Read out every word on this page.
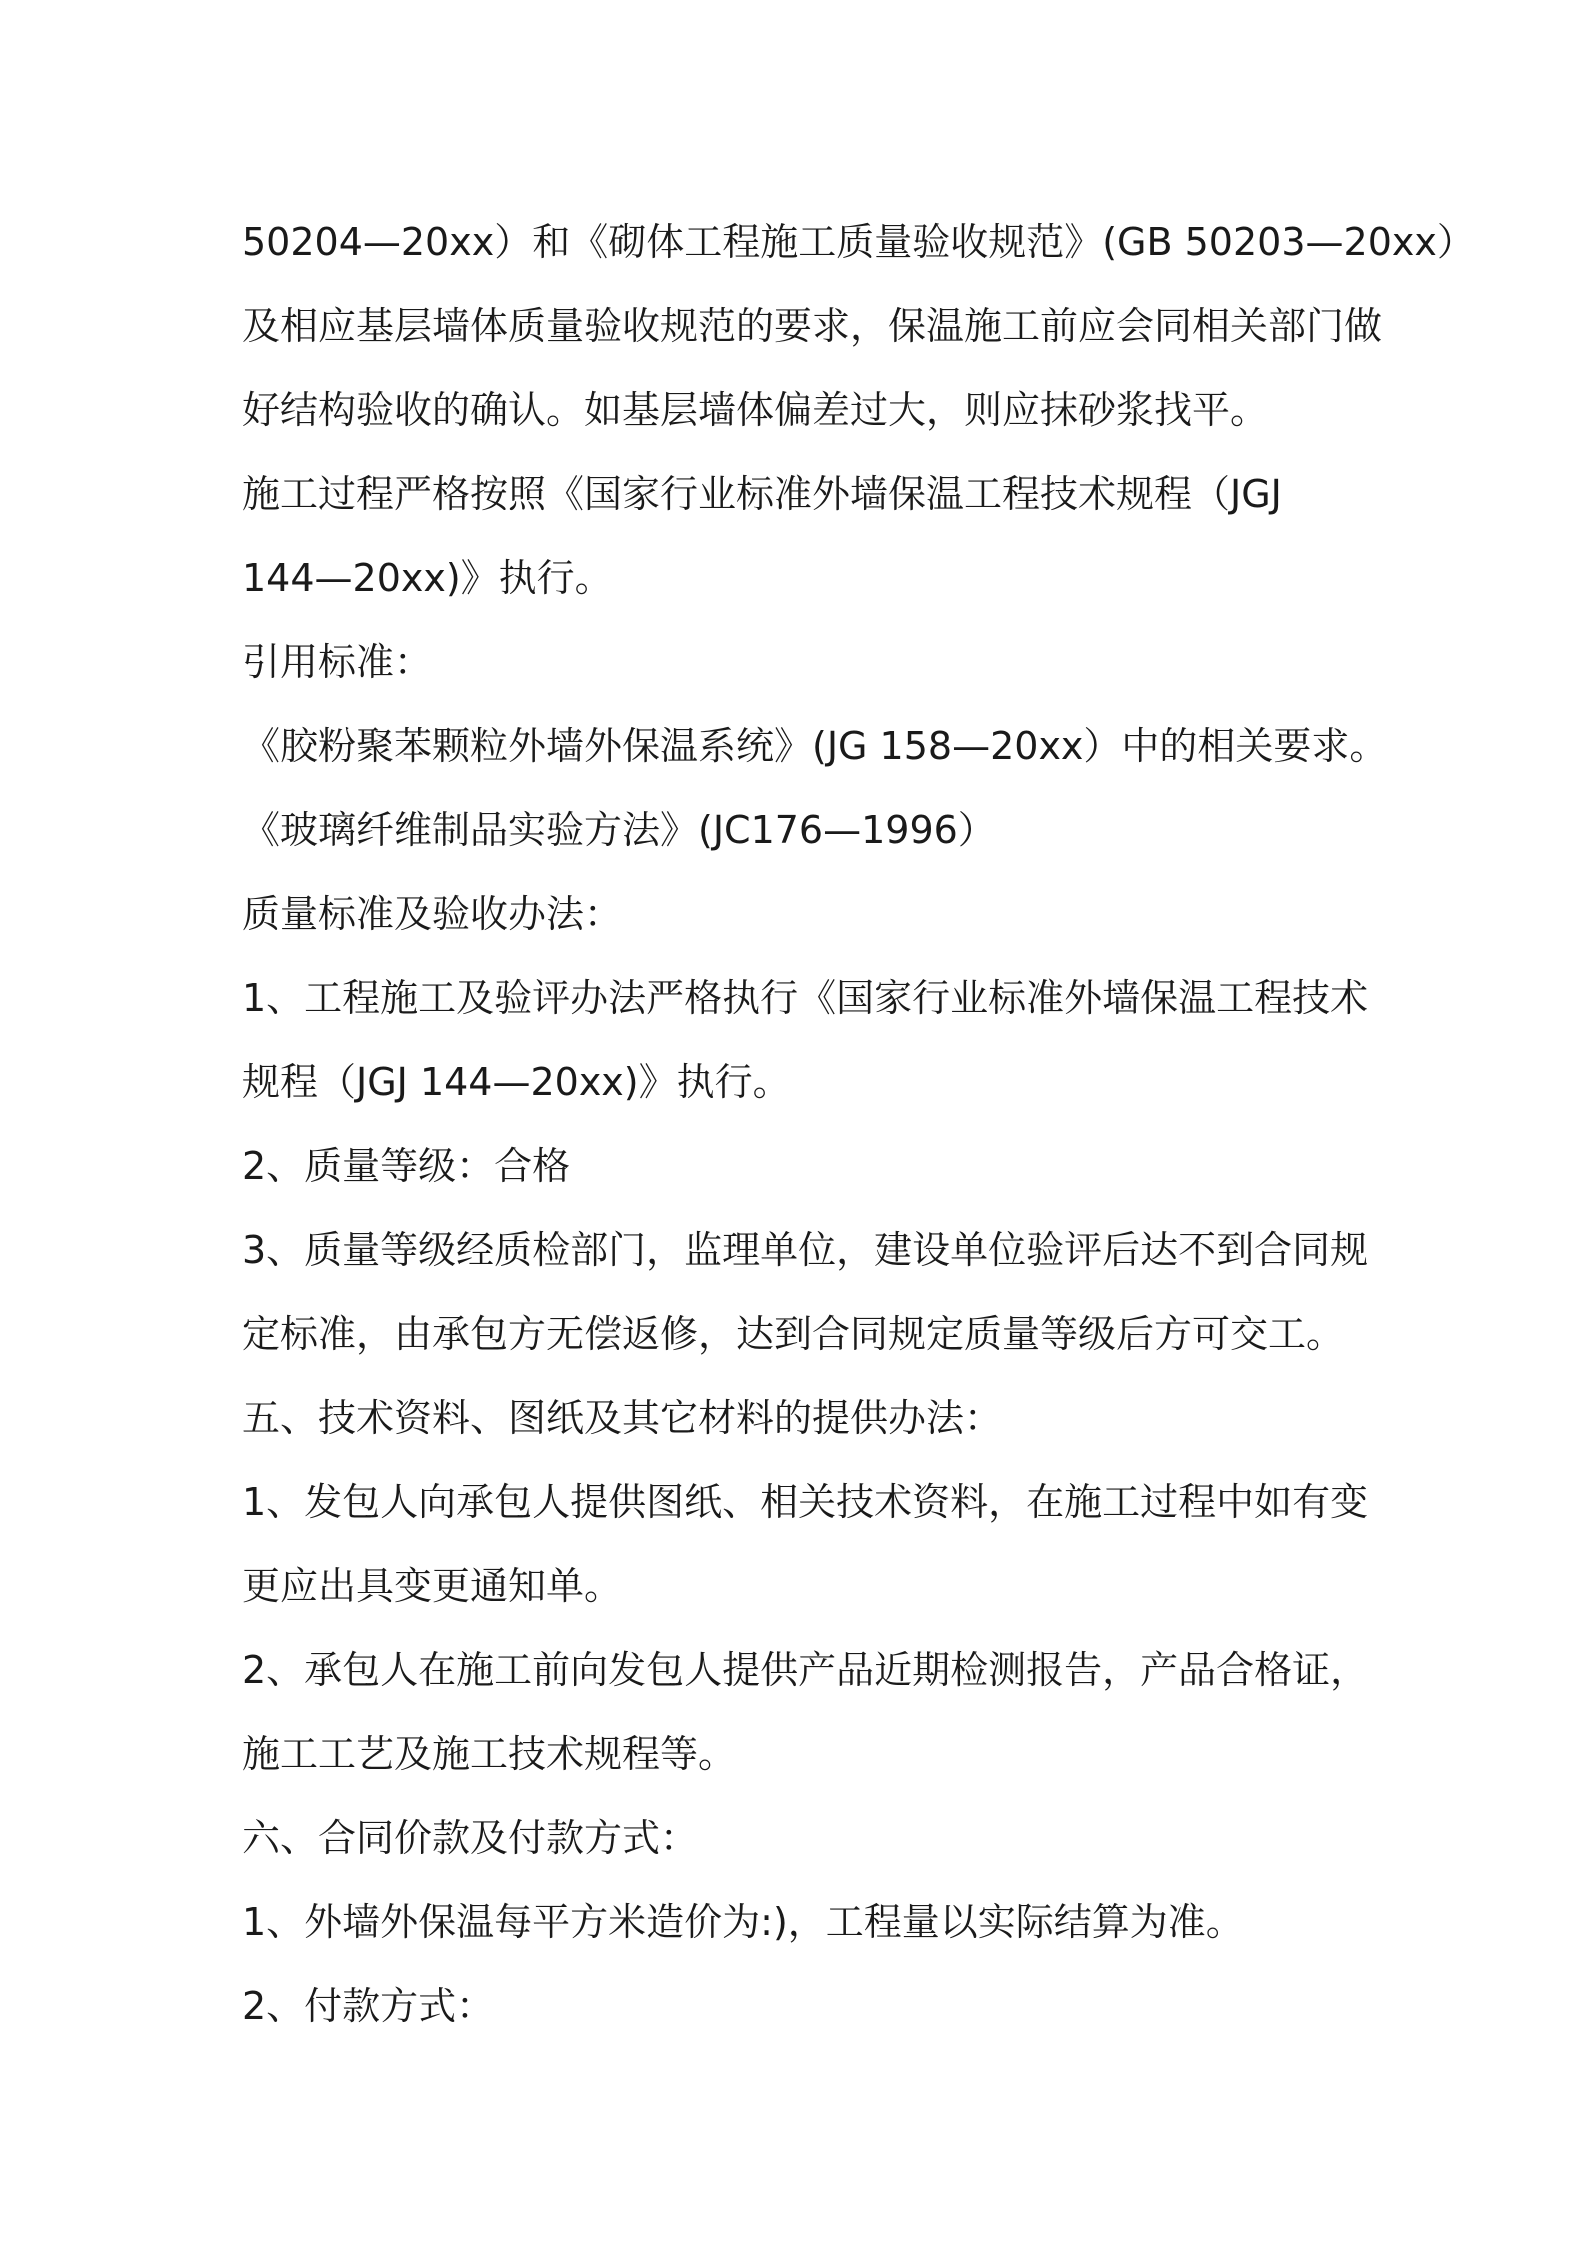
50204—20xx）和《砌体工程施工质量验收规范》(GB 50203—20xx）
及相应基层墙体质量验收规范的要求，保温施工前应会同相关部门做
好结构验收的确认。如基层墙体偏差过大，则应抹砂浆找平。
施工过程严格按照《国家行业标准外墙保温工程技术规程（JGJ
144—20xx)》执行。
引用标准：
《胶粉聚苯颗粒外墙外保温系统》(JG 158—20xx）中的相关要求。
《玻璃纤维制品实验方法》(JC176—1996）
质量标准及验收办法：
1、工程施工及验评办法严格执行《国家行业标准外墙保温工程技术
规程（JGJ 144—20xx)》执行。
2、质量等级：合格
3、质量等级经质检部门，监理单位，建设单位验评后达不到合同规
定标准，由承包方无偿返修，达到合同规定质量等级后方可交工。
五、技术资料、图纸及其它材料的提供办法：
1、发包人向承包人提供图纸、相关技术资料，在施工过程中如有变
更应出具变更通知单。
2、承包人在施工前向发包人提供产品近期检测报告，产品合格证，
施工工艺及施工技术规程等。
六、合同价款及付款方式：
1、外墙外保温每平方米造价为:)，工程量以实际结算为准。
2、付款方式：
